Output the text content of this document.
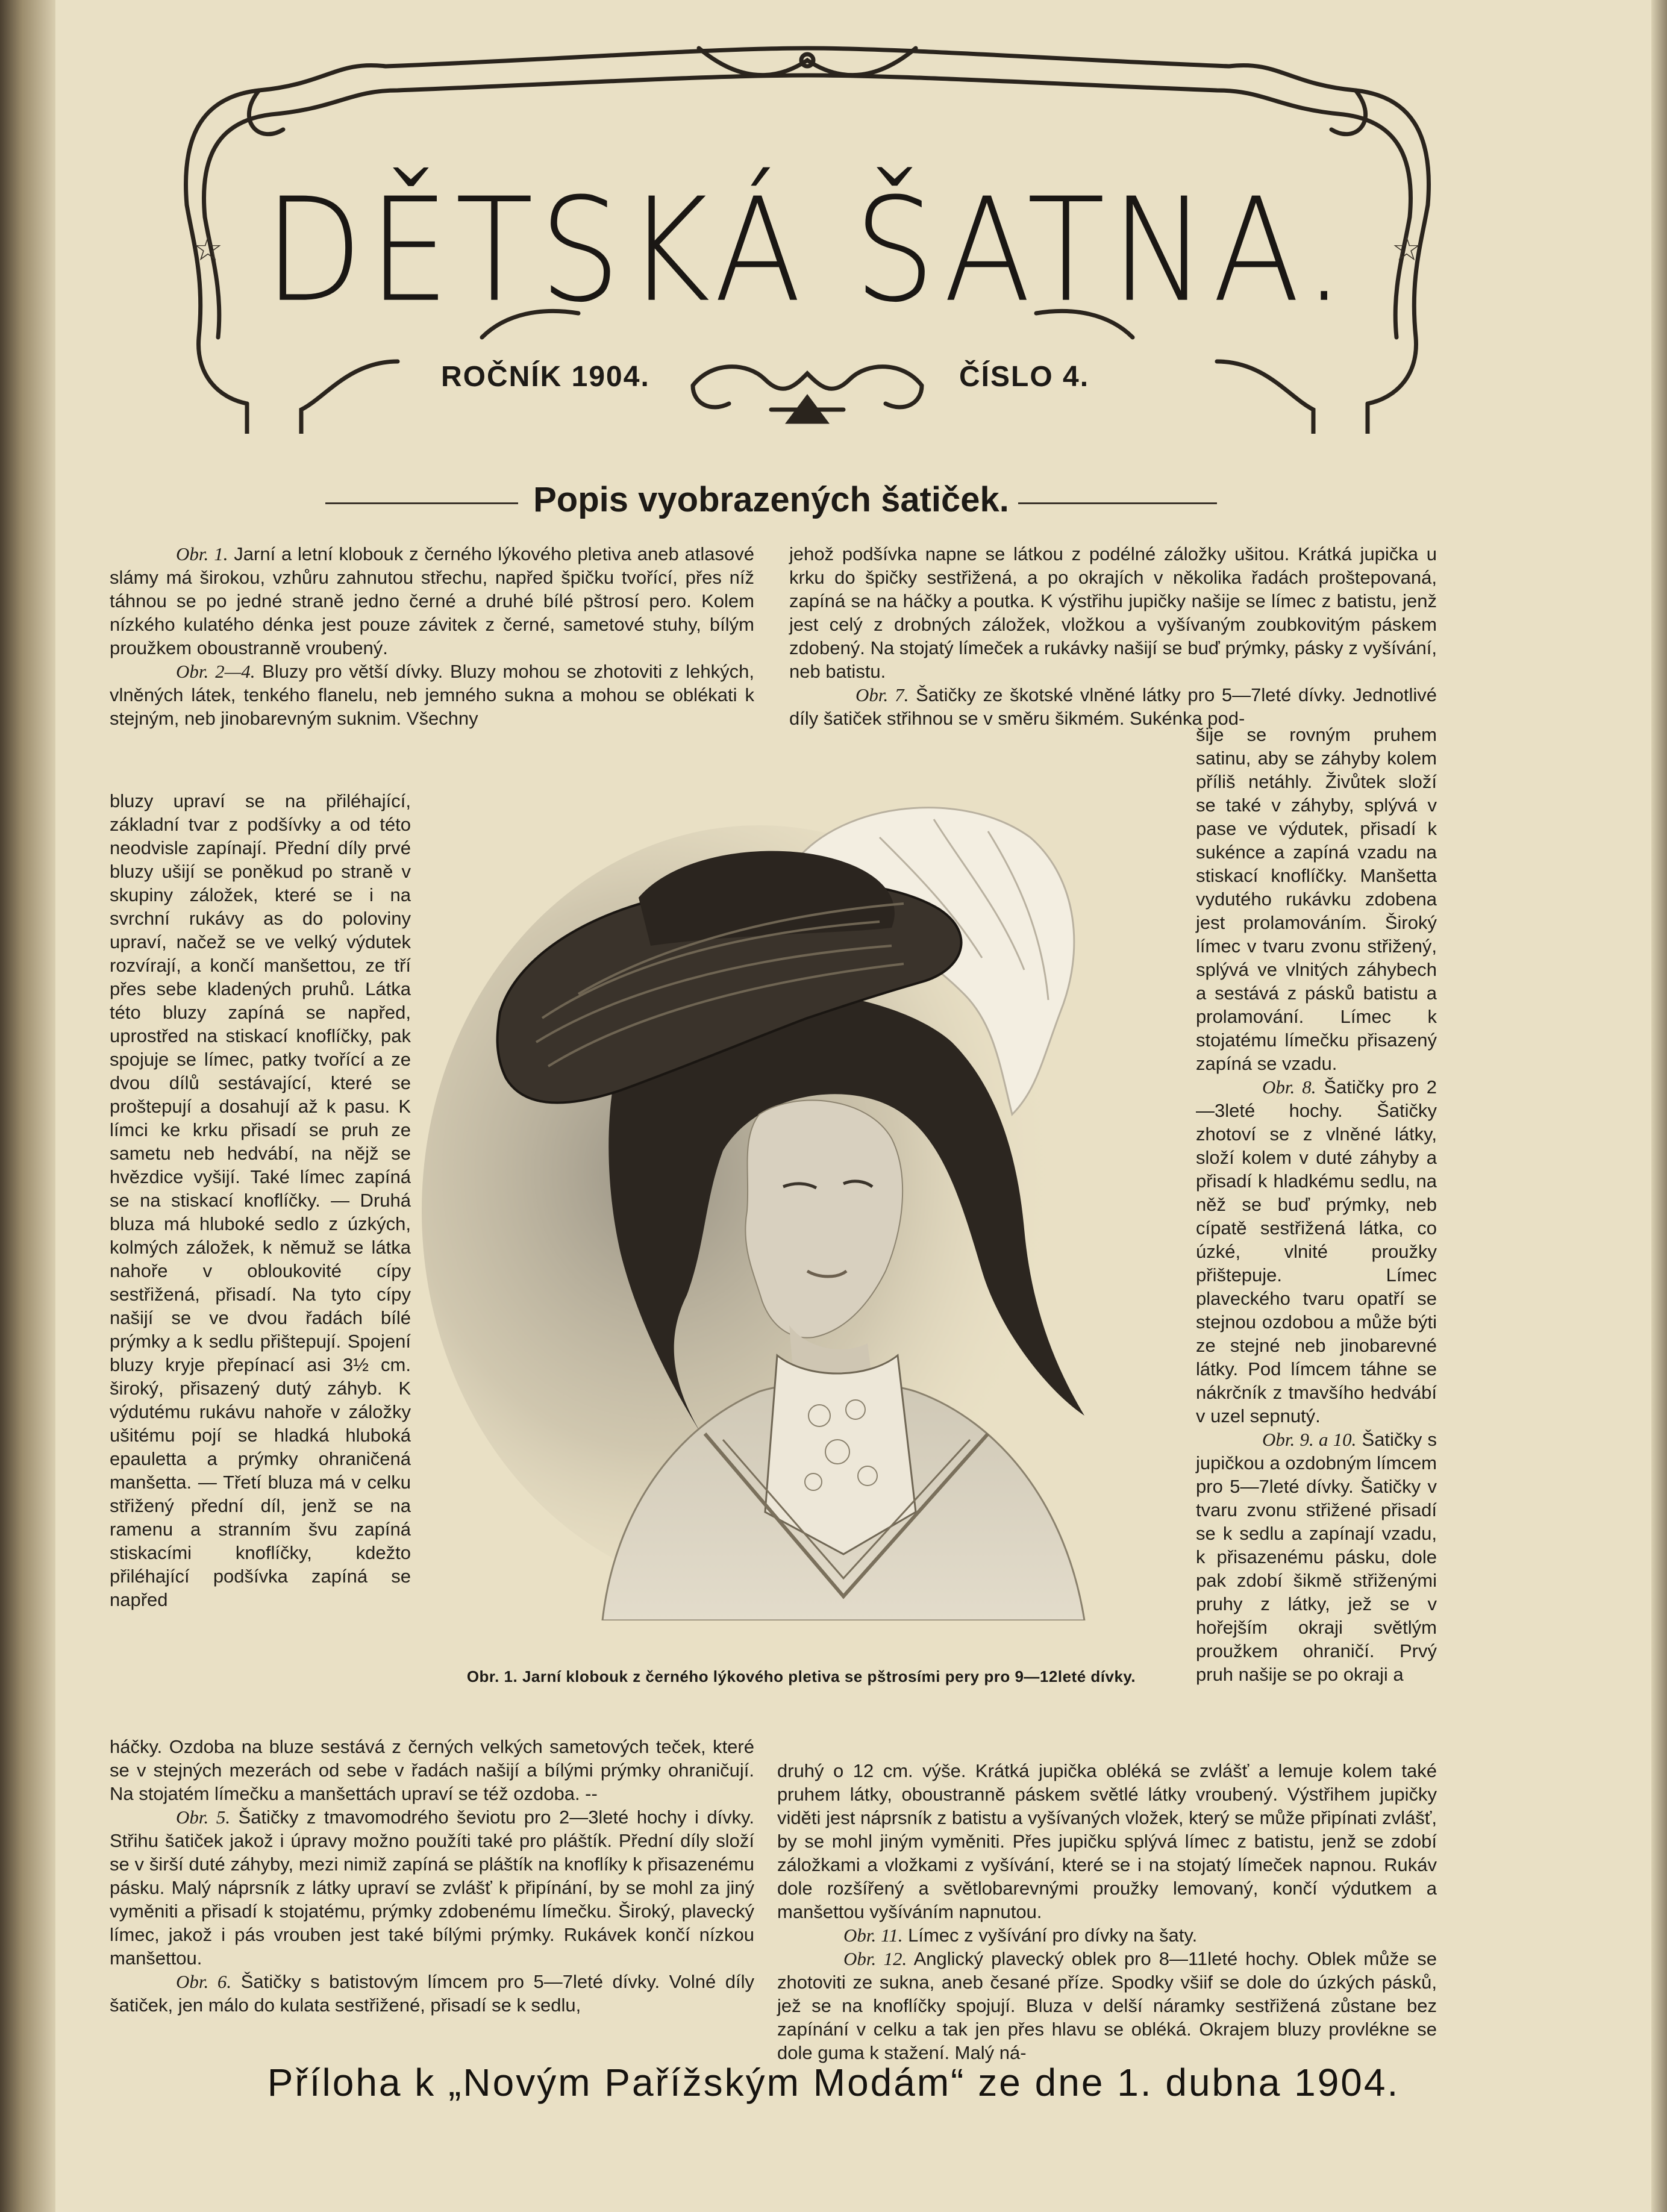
☆ DĚTSKÁ ŠATNA.	☆
ROČNÍK 1904.	ČÍSLO 4.
Popis vyobrazených šatiček.

Obr. 1. Jarní a letní klobouk z černého lýkového pletiva aneb atlasové slámy má širokou, vzhůru zahnutou střechu, napřed špičku tvořící, přes níž táhnou se po jedné straně jedno černé a druhé bílé pštrosí pero. Kolem nízkého kulatého dénka jest pouze závitek z černé, sametové stuhy, bílým proužkem oboustranně vroubený.

Obr. 2—4. Bluzy pro větší dívky. Bluzy mohou se zhotoviti z lehkých, vlněných látek, tenkého flanelu, neb jemného sukna a mohou se oblékati k stejným, neb jinobarevným suknim. Všechny

bluzy upraví se na přiléhající, základní tvar z podšívky a od této neodvisle zapínají. Přední díly prvé bluzy ušijí se poněkud po straně v skupiny záložek, které se i na svrchní rukávy as do poloviny upraví, načež se ve velký výdutek rozvírají, a končí manšettou, ze tří přes sebe kladených pruhů. Látka této bluzy zapíná se napřed, uprostřed na stiskací knoflíčky, pak spojuje se límec, patky tvořící a ze dvou dílů sestávající, které se proštepují a dosahují až k pasu. K límci ke krku přisadí se pruh ze sametu neb hedvábí, na nějž se hvězdice vyšijí. Také límec zapíná se na stiskací knoflíčky. — Druhá bluza má hluboké sedlo z úzkých, kolmých záložek, k němuž se látka nahoře v obloukovité cípy sestřižená, přisadí. Na tyto cípy našijí se ve dvou řadách bílé prýmky a k sedlu přištepují. Spojení bluzy kryje přepínací asi 3½ cm. široký, přisazený dutý záhyb. K výdutému rukávu nahoře v záložky ušitému pojí se hladká hluboká epauletta a prýmky ohraničená manšetta. — Třetí bluza má v celku střižený přední díl, jenž se na ramenu a stranním švu zapíná stiskacími knoflíčky, kdežto přiléhající podšívka zapíná se napřed

háčky. Ozdoba na bluze sestává z černých velkých sametových teček, které se v stejných mezerách od sebe v řadách našijí a bílými prýmky ohraničují. Na stojatém límečku a manšettách upraví se též ozdoba. --

Obr. 5. Šatičky z tmavomodrého ševiotu pro 2—3leté hochy i dívky. Střihu šatiček jakož i úpravy možno použíti také pro pláštík. Přední díly složí se v širší duté záhyby, mezi nimiž zapíná se pláštík na knoflíky k přisazenému pásku. Malý náprsník z látky upraví se zvlášť k připínání, by se mohl za jiný vyměniti a přisadí k stojatému, prýmky zdobenému límečku. Široký, plavecký límec, jakož i pás vrouben jest také bílými prýmky. Rukávek končí nízkou manšettou.

Obr. 6. Šatičky s batistovým límcem pro 5—7leté dívky. Volné díly šatiček, jen málo do kulata sestřižené, přisadí se k sedlu,

jehož podšívka napne se látkou z podélné záložky ušitou. Krátká jupička u krku do špičky sestřižená, a po okrajích v několika řadách proštepovaná, zapíná se na háčky a poutka. K výstřihu jupičky našije se límec z batistu, jenž jest celý z drobných záložek, vložkou a vyšívaným zoubkovitým páskem zdobený. Na stojatý límeček a rukávky našijí se buď prýmky, pásky z vyšívání, neb batistu.

Obr. 7. Šatičky ze škotské vlněné látky pro 5—7leté dívky. Jednotlivé díly šatiček střihnou se v směru šikmém. Sukénka pod-

šije se rovným pruhem satinu, aby se záhyby kolem příliš netáhly. Živůtek složí se také v záhyby, splývá v pase ve výdutek, přisadí k sukénce a zapíná vzadu na stiskací knoflíčky. Manšetta vydutého rukávku zdobena jest prolamováním. Široký límec v tvaru zvonu střižený, splývá ve vlnitých záhybech a sestává z pásků batistu a prolamování. Límec k stojatému límečku přisazený zapíná se vzadu.

Obr. 8. Šatičky pro 2—3leté hochy. Šatičky zhotoví se z vlněné látky, složí kolem v duté záhyby a přisadí k hladkému sedlu, na něž se buď prýmky, neb cípatě sestřižená látka, co úzké, vlnité proužky přištepuje. Límec plaveckého tvaru opatří se stejnou ozdobou a může býti ze stejné neb jinobarevné látky. Pod límcem táhne se nákrčník z tmavšího hedvábí v uzel sepnutý.

Obr. 9. a 10. Šatičky s jupičkou a ozdobným límcem pro 5—7leté dívky. Šatičky v tvaru zvonu střižené přisadí se k sedlu a zapínají vzadu, k přisazenému pásku, dole pak zdobí šikmě střiženými pruhy z látky, jež se v hořejším okraji světlým proužkem ohraničí. Prvý pruh našije se po okraji a

druhý o 12 cm. výše. Krátká jupička obléká se zvlášť a lemuje kolem také pruhem látky, oboustranně páskem světlé látky vroubený. Výstřihem jupičky viděti jest náprsník z batistu a vyšívaných vložek, který se může připínati zvlášť, by se mohl jiným vyměniti. Přes jupičku splývá límec z batistu, jenž se zdobí záložkami a vložkami z vyšívání, které se i na stojatý límeček napnou. Rukáv dole rozšířený a světlobarevnými proužky lemovaný, končí výdutkem a manšettou vyšíváním napnutou.

Obr. 11. Límec z vyšívání pro dívky na šaty.

Obr. 12. Anglický plavecký oblek pro 8—11leté hochy. Oblek může se zhotoviti ze sukna, aneb česané příze. Spodky všiif se dole do úzkých pásků, jež se na knoflíčky spojují. Bluza v delší náramky sestřižená zůstane bez zapínání v celku a tak jen přes hlavu se obléká. Okrajem bluzy provlékne se dole guma k stažení. Malý ná-

Obr. 1. Jarní klobouk z černého lýkového pletiva se pštrosími pery pro 9—12leté dívky.
Příloha k „Novým Pařížským Modám“ ze dne 1. dubna 1904.
